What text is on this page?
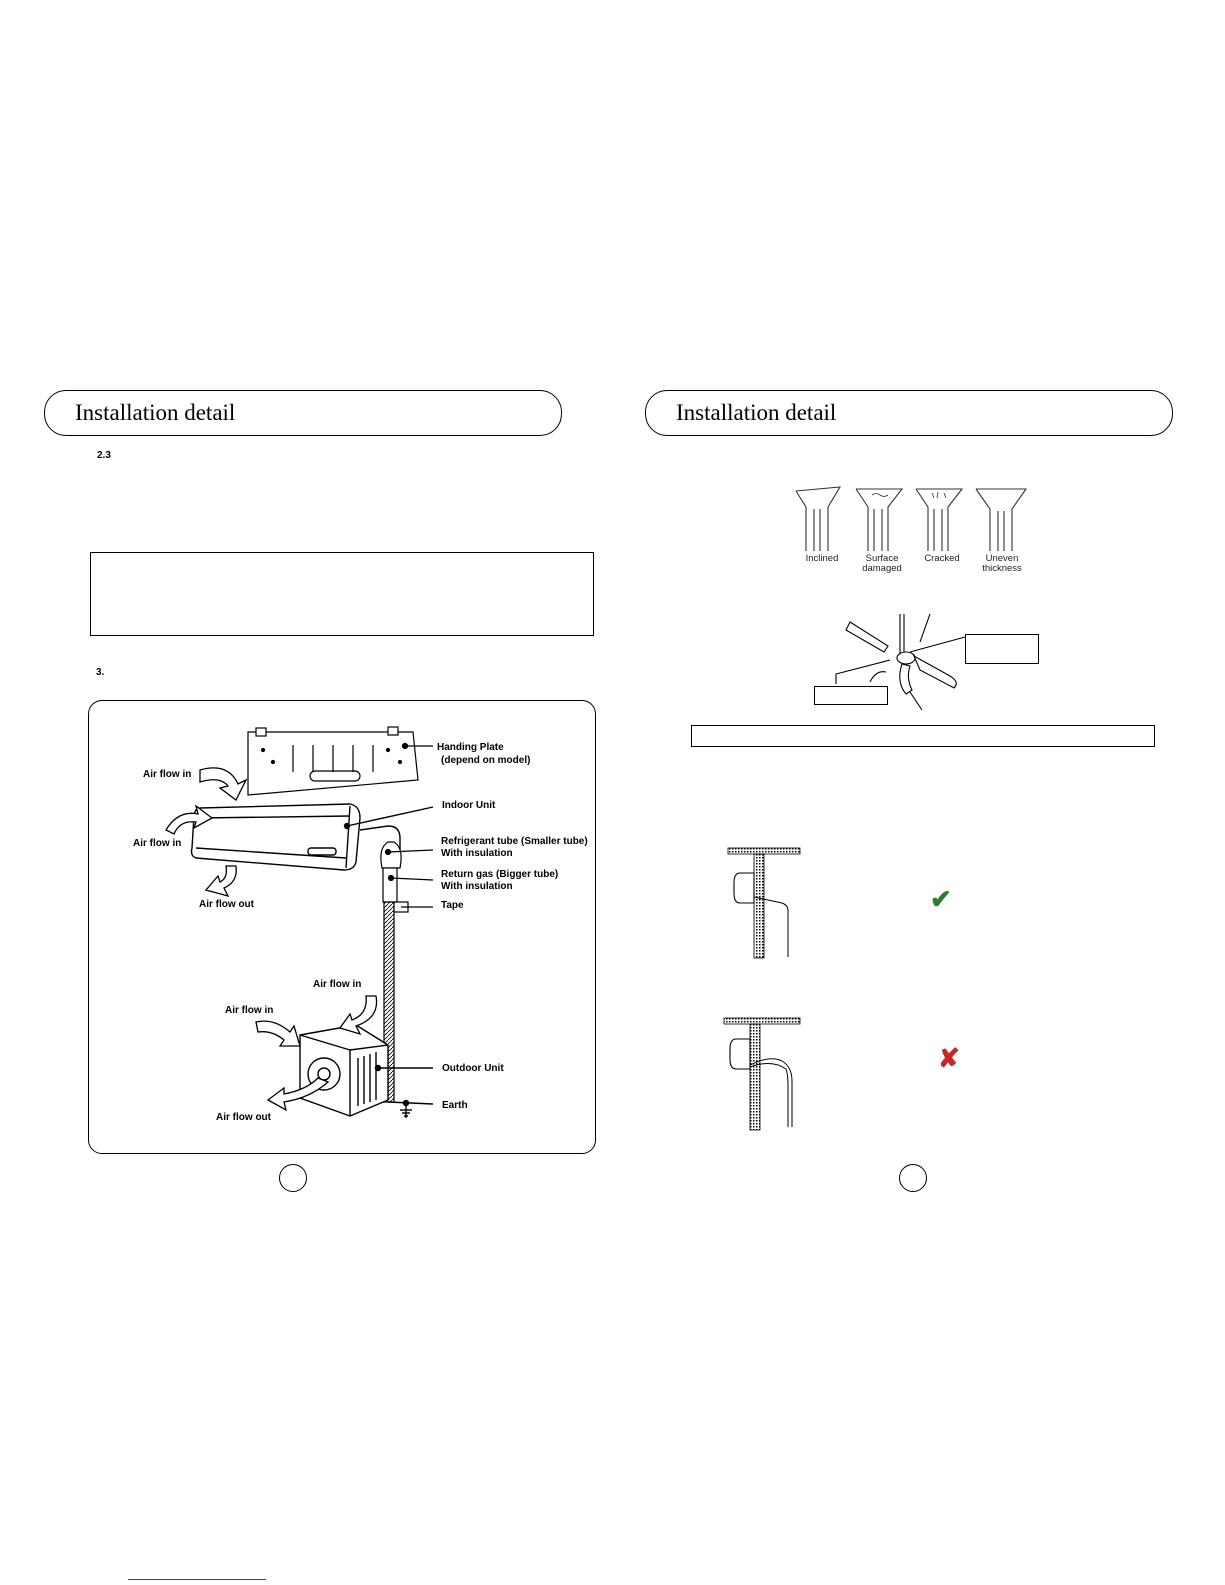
Installation detail
2.3
3.
Handing Plate
(depend on model)
Indoor Unit
Refrigerant tube (Smaller tube)
With insulation
Return gas (Bigger tube)
With insulation
Tape
Outdoor Unit
Earth
Air flow in
Air flow in
Air flow out
Air flow in
Air flow in
Air flow out
Installation detail
Inclined	Surface damaged
Cracked	Uneven thickness
✔
✘
